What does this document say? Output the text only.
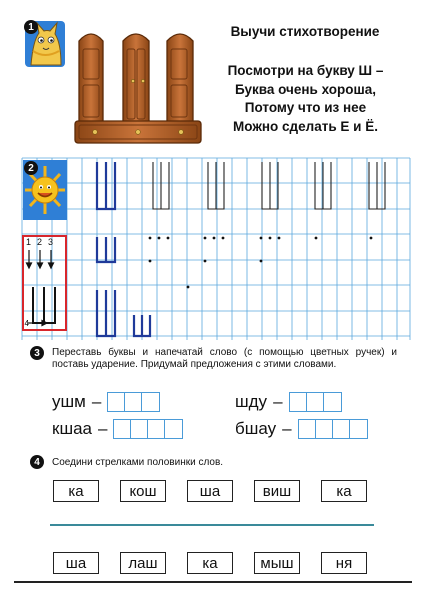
1	Выучи стихотворение
Посмотри на букву Ш –
Буква очень хороша,
Потому что из нее
Можно сделать Е и Ё.
2
1 2 3
4
3	Переставь буквы и напечатай слово (с помощью цветных ручек) и поставь ударение. Придумай предложения с этими словами.
ушм –	шду –
кшаа –	бшау –
4	Соедини стрелками половинки слов.
ка	кош	ша	виш	ка
ша	лаш	ка	мыш	ня
